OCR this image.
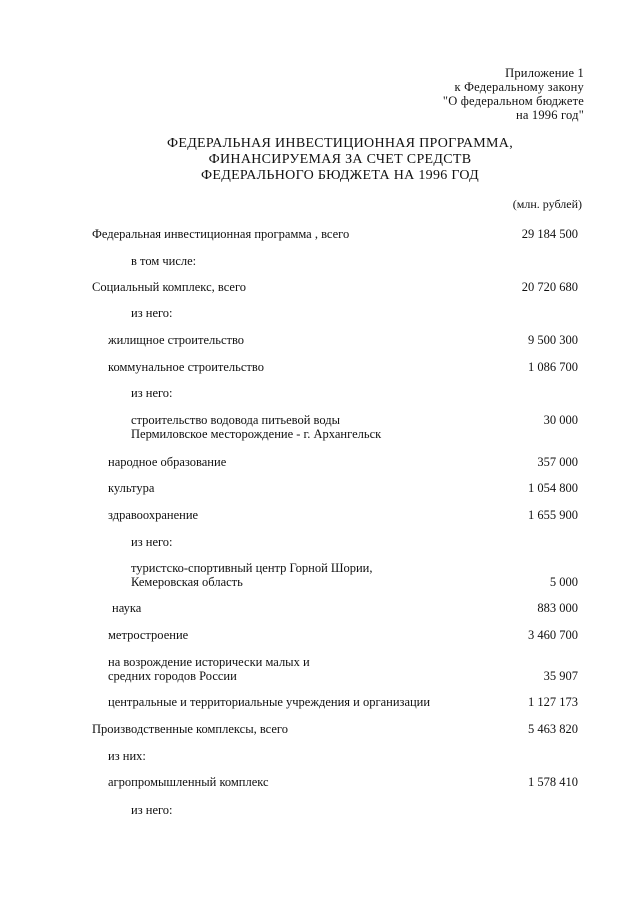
Приложение 1
к Федеральному закону
"О федеральном бюджете
на 1996 год"
ФЕДЕРАЛЬНАЯ ИНВЕСТИЦИОННАЯ ПРОГРАММА,
ФИНАНСИРУЕМАЯ ЗА СЧЕТ СРЕДСТВ
ФЕДЕРАЛЬНОГО БЮДЖЕТА НА 1996 ГОД
(млн. рублей)
Федеральная инвестиционная программа , всего	29 184 500
в том числе:
Социальный комплекс, всего	20 720 680
из него:
жилищное строительство	9 500 300
коммунальное строительство	1 086 700
из него:
строительство водовода питьевой воды	30 000
Пермиловское месторождение - г. Архангельск
народное образование	357 000
культура	1 054 800
здравоохранение	1 655 900
из него:
туристско-спортивный центр Горной Шории,
Кемеровская область	5 000
наука	883 000
метростроение	3 460 700
на возрождение исторически малых и
средних городов России	35 907
центральные и территориальные учреждения и организации	1 127 173
Производственные комплексы, всего	5 463 820
из них:
агропромышленный комплекс	1 578 410
из него:
